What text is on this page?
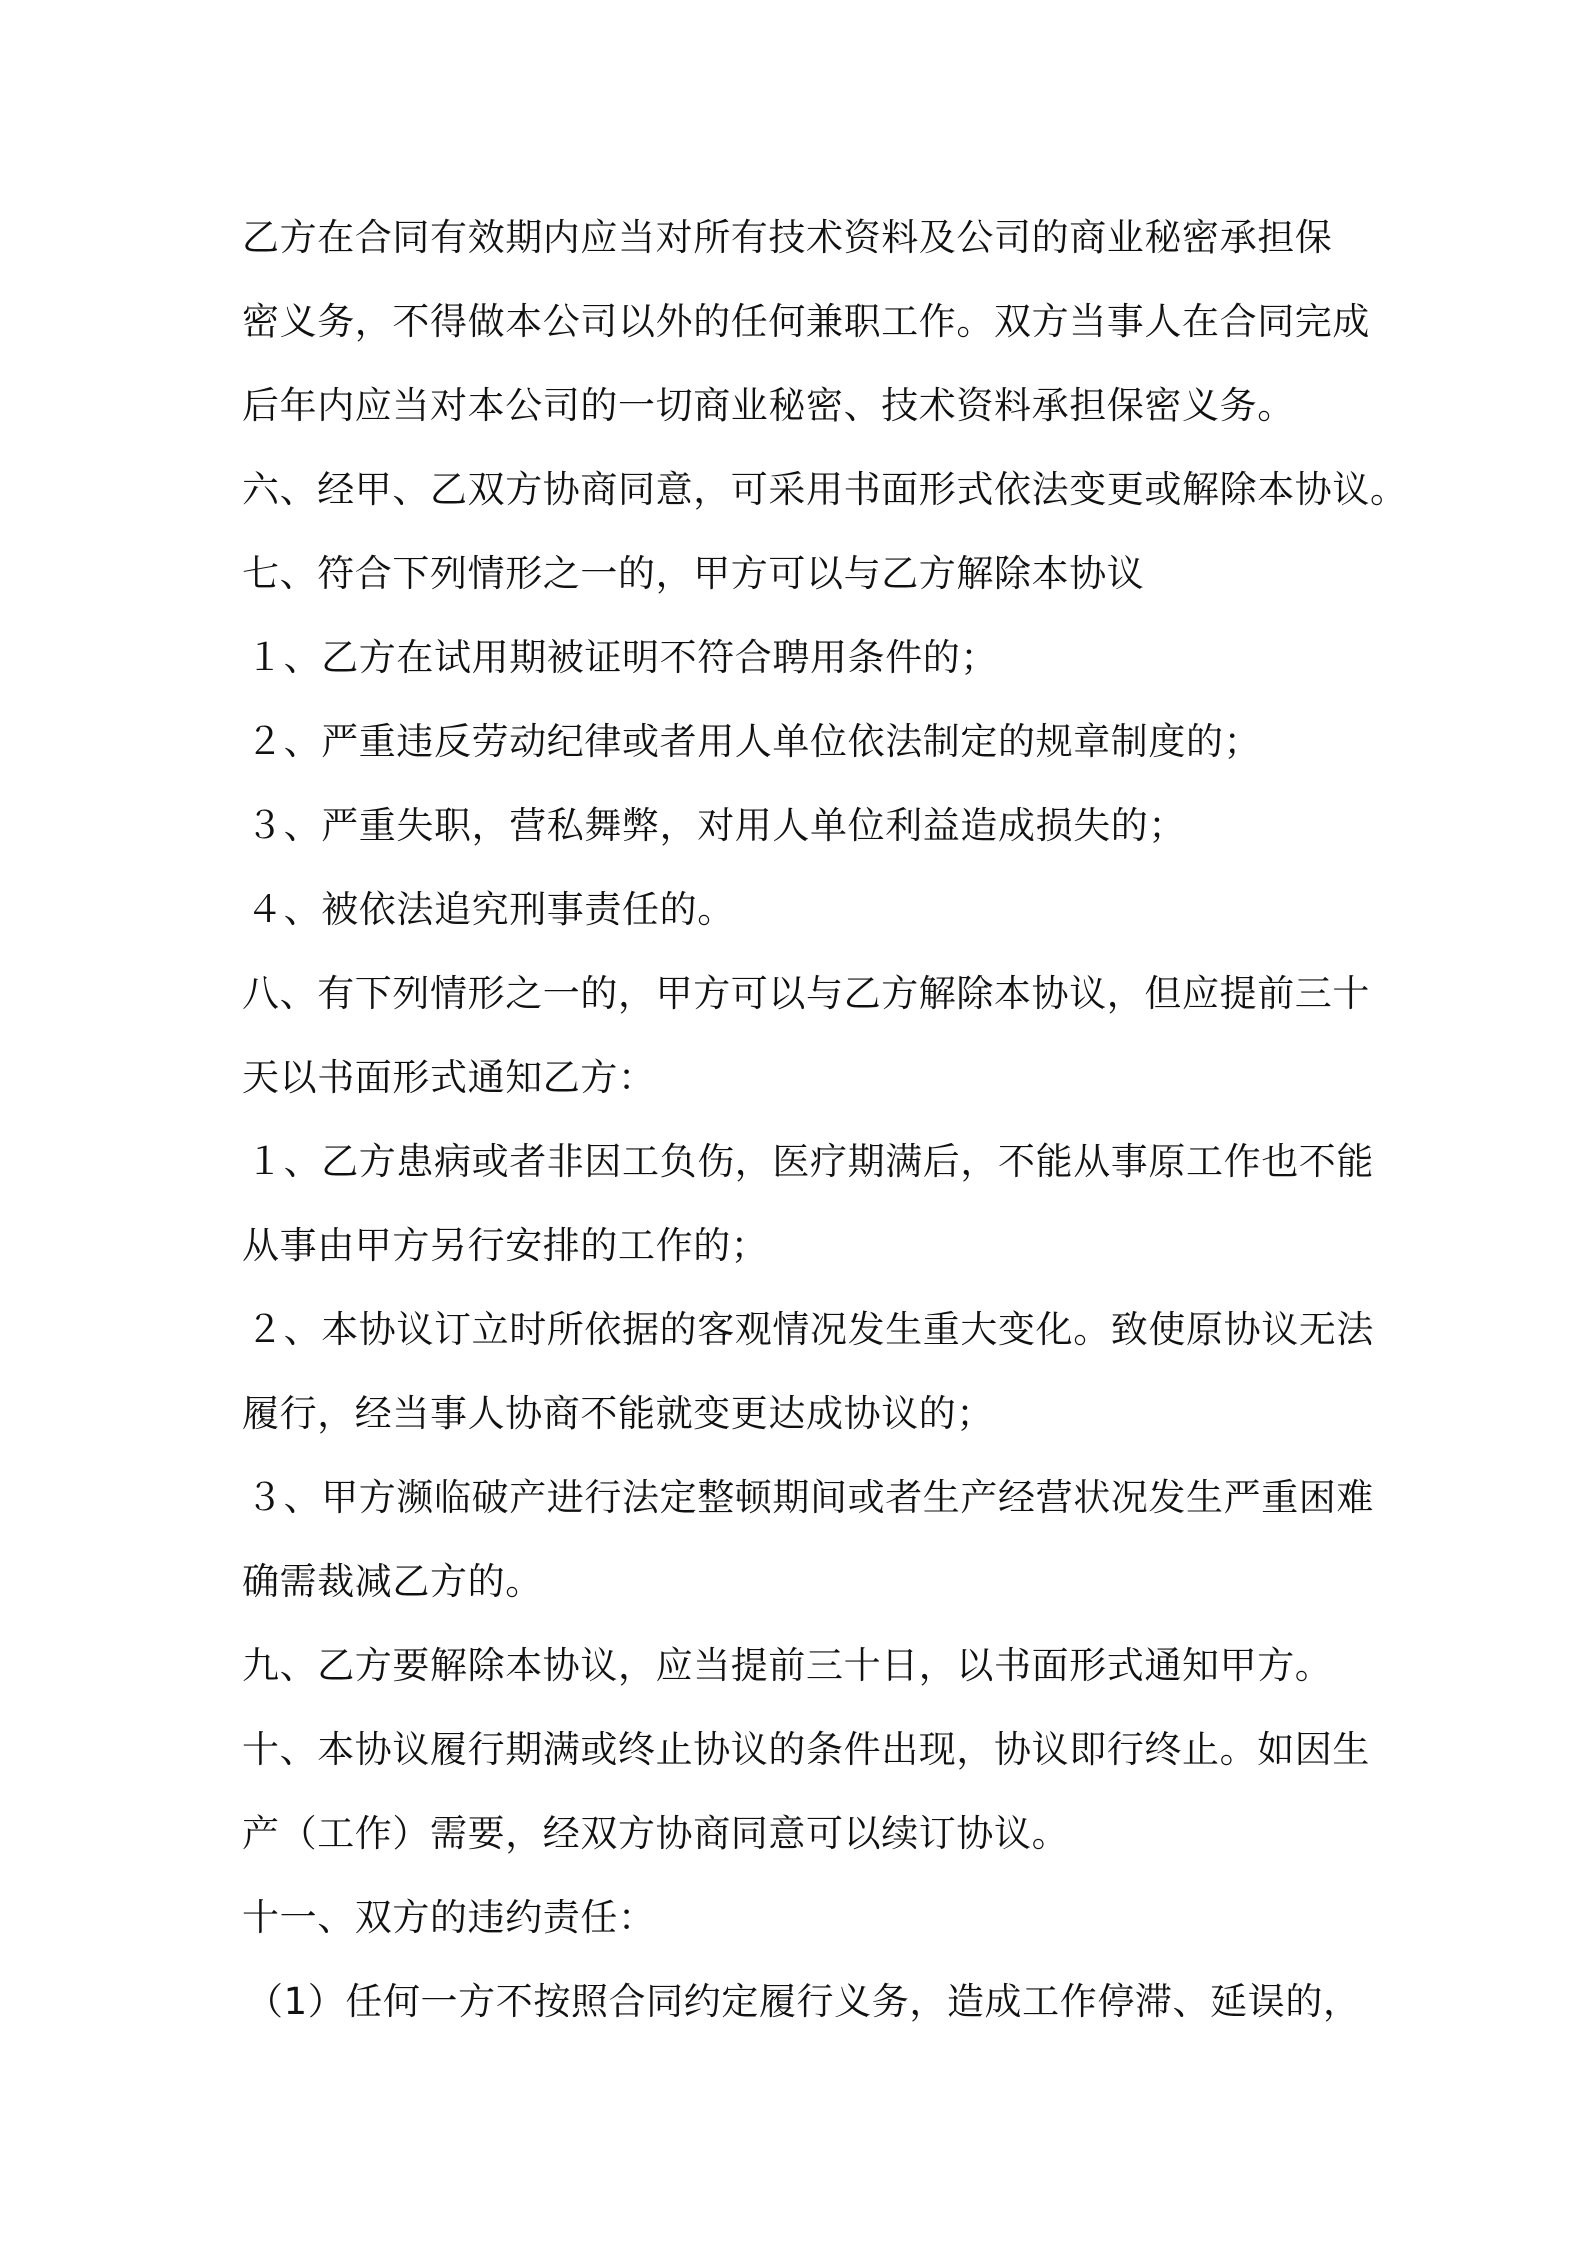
乙方在合同有效期内应当对所有技术资料及公司的商业秘密承担保
密义务，不得做本公司以外的任何兼职工作。双方当事人在合同完成
后年内应当对本公司的一切商业秘密、技术资料承担保密义务。
六、经甲、乙双方协商同意，可采用书面形式依法变更或解除本协议。
七、符合下列情形之一的，甲方可以与乙方解除本协议
１、乙方在试用期被证明不符合聘用条件的；
２、严重违反劳动纪律或者用人单位依法制定的规章制度的；
３、严重失职，营私舞弊，对用人单位利益造成损失的；
４、被依法追究刑事责任的。
八、有下列情形之一的，甲方可以与乙方解除本协议，但应提前三十
天以书面形式通知乙方：
１、乙方患病或者非因工负伤，医疗期满后，不能从事原工作也不能
从事由甲方另行安排的工作的；
２、本协议订立时所依据的客观情况发生重大变化。致使原协议无法
履行，经当事人协商不能就变更达成协议的；
３、甲方濒临破产进行法定整顿期间或者生产经营状况发生严重困难
确需裁减乙方的。
九、乙方要解除本协议，应当提前三十日，以书面形式通知甲方。
十、本协议履行期满或终止协议的条件出现，协议即行终止。如因生
产（工作）需要，经双方协商同意可以续订协议。
十一、双方的违约责任：
（1）任何一方不按照合同约定履行义务，造成工作停滞、延误的，
